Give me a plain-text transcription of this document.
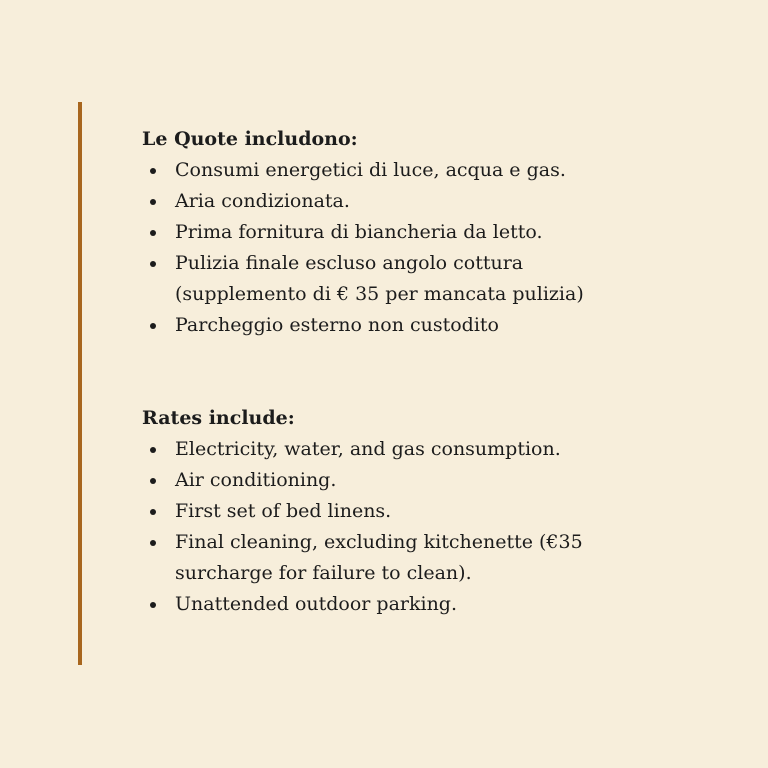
Le Quote includono:

Consumi energetici di luce, acqua e gas.
Aria condizionata.
Prima fornitura di biancheria da letto.
Pulizia finale escluso angolo cottura (supplemento di € 35 per mancata pulizia)
Parcheggio esterno non custodito

Rates include:

Electricity, water, and gas consumption.
Air conditioning.
First set of bed linens.
Final cleaning, excluding kitchenette (€35 surcharge for failure to clean).
Unattended outdoor parking.
